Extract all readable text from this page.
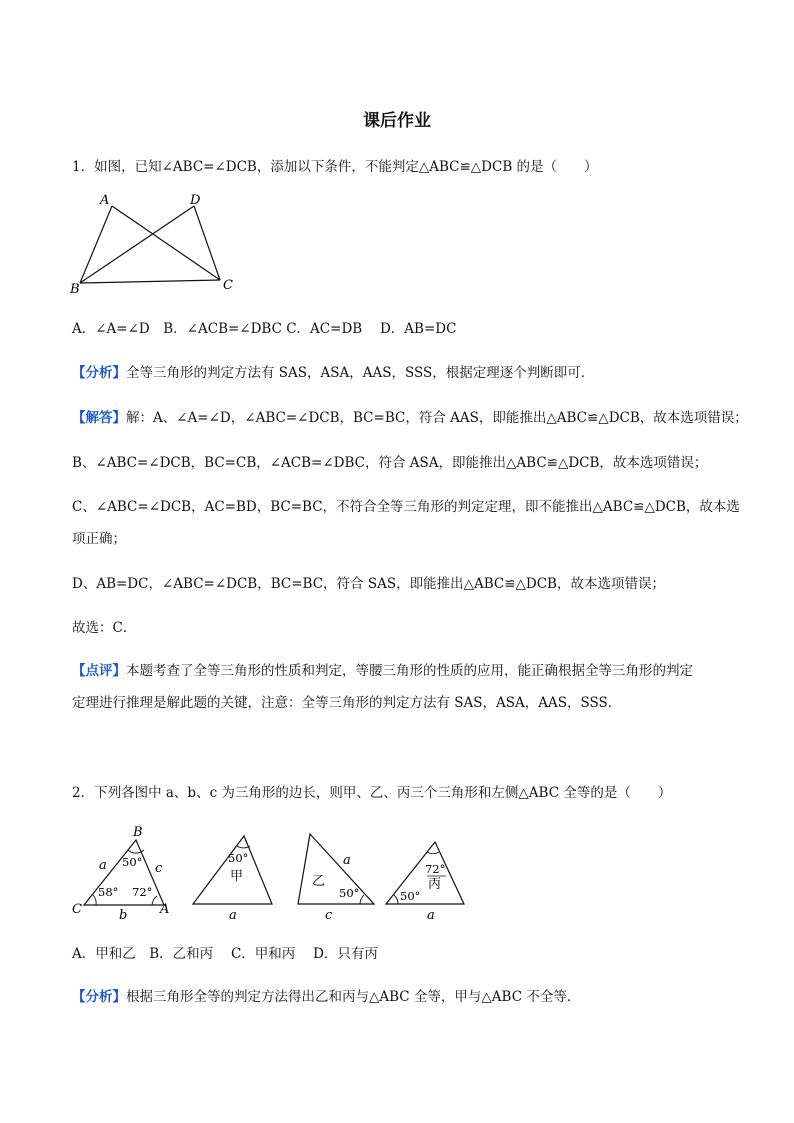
课后作业
1．如图，已知∠ABC=∠DCB，添加以下条件，不能判定△ABC≌△DCB 的是（　　）
A	D
B	C
A．∠A=∠D　B．∠ACB=∠DBC C．AC=DB　 D．AB=DC
【分析】全等三角形的判定方法有 SAS，ASA，AAS，SSS，根据定理逐个判断即可．
【解答】解：A、∠A=∠D，∠ABC=∠DCB，BC=BC，符合 AAS，即能推出△ABC≌△DCB，故本选项错误；
B、∠ABC=∠DCB，BC=CB，∠ACB=∠DBC，符合 ASA，即能推出△ABC≌△DCB，故本选项错误；
C、∠ABC=∠DCB，AC=BD，BC=BC，不符合全等三角形的判定定理，即不能推出△ABC≌△DCB，故本选
项正确；
D、AB=DC，∠ABC=∠DCB，BC=BC，符合 SAS，即能推出△ABC≌△DCB，故本选项错误；
故选：C．
【点评】本题考查了全等三角形的性质和判定，等腰三角形的性质的应用，能正确根据全等三角形的判定
定理进行推理是解此题的关键，注意：全等三角形的判定方法有 SAS，ASA，AAS，SSS．
2．下列各图中 a、b、c 为三角形的边长，则甲、乙、丙三个三角形和左侧△ABC 全等的是（　　）
B
C	A
a	c
b
50°
58° 72°
50°
甲
a
乙
50°
a
c
72°
丙
50°
a
A．甲和乙　B．乙和丙　 C．甲和丙　 D．只有丙
【分析】根据三角形全等的判定方法得出乙和丙与△ABC 全等，甲与△ABC 不全等．
